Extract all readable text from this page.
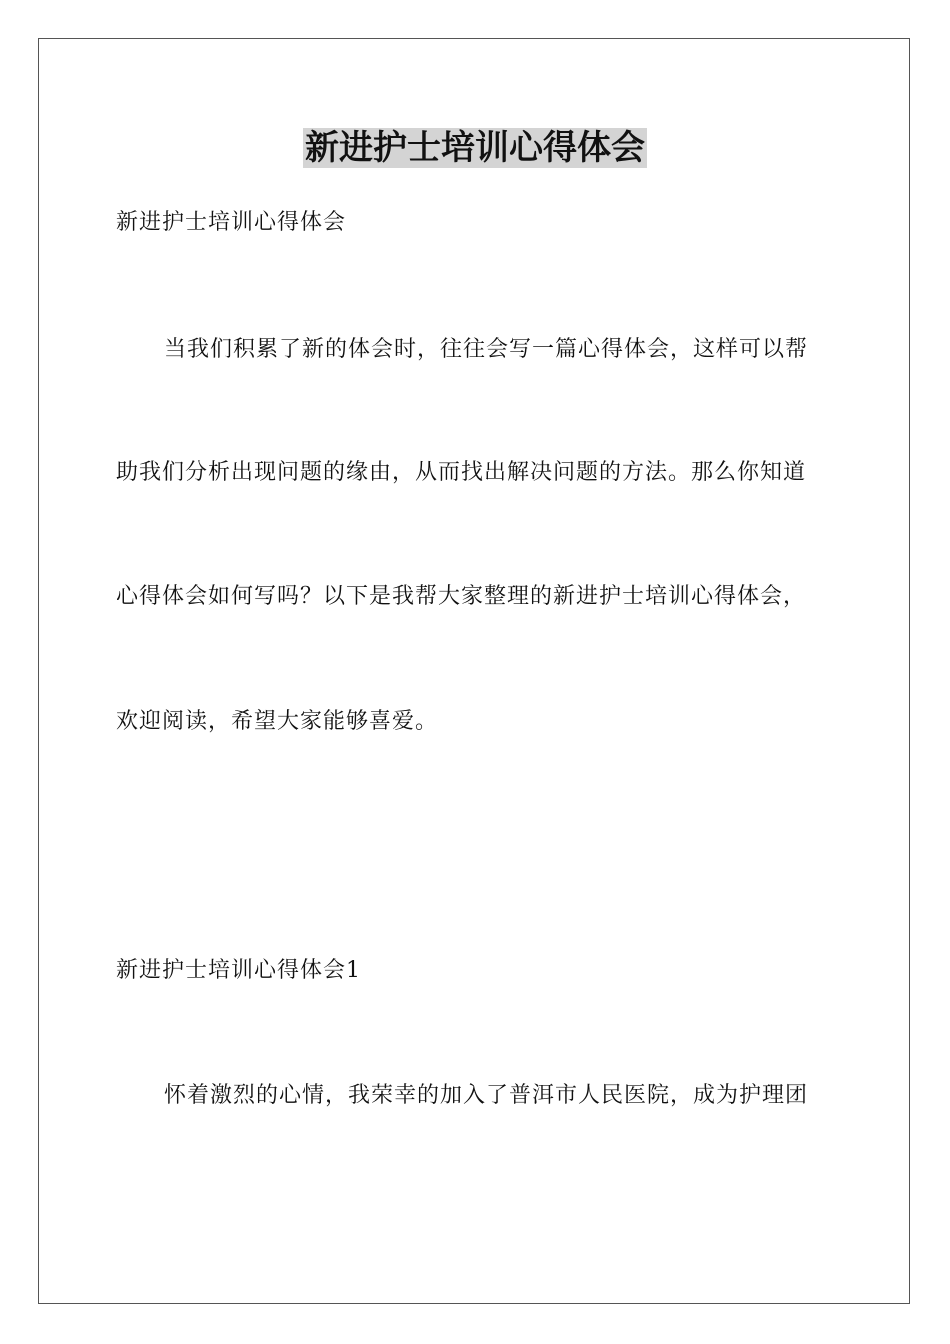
新进护士培训心得体会
新进护士培训心得体会
当我们积累了新的体会时，往往会写一篇心得体会，这样可以帮
助我们分析出现问题的缘由，从而找出解决问题的方法。那么你知道
心得体会如何写吗？以下是我帮大家整理的新进护士培训心得体会，
欢迎阅读，希望大家能够喜爱。
新进护士培训心得体会1
怀着激烈的心情，我荣幸的加入了普洱市人民医院，成为护理团
